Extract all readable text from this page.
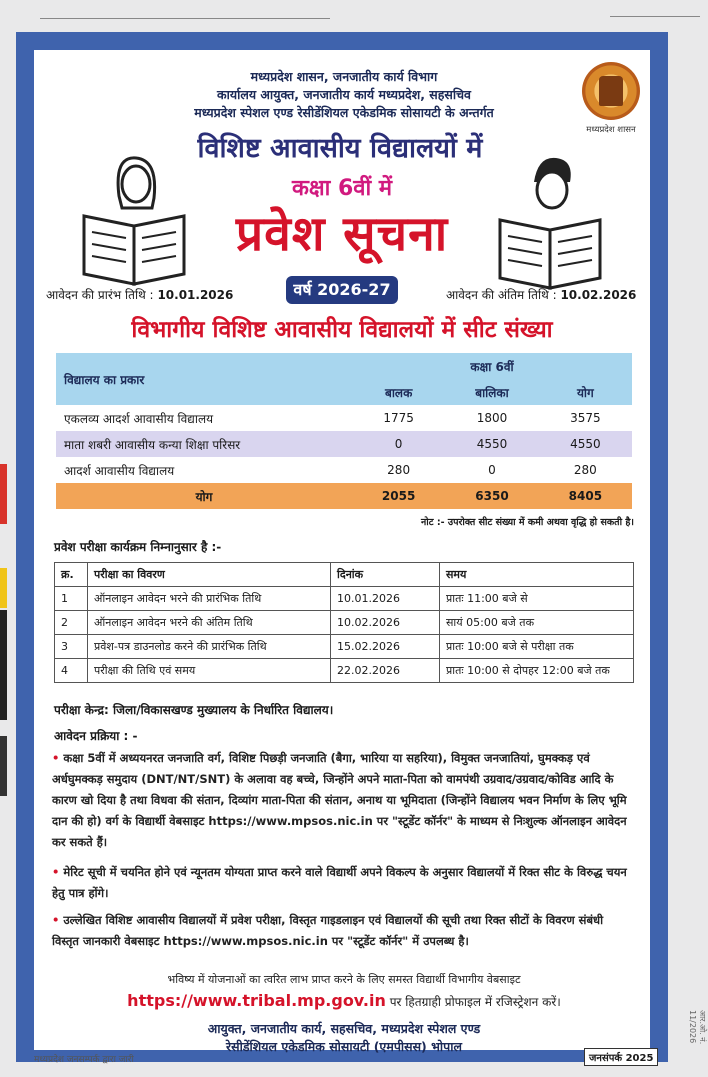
मध्यप्रदेश शासन, जनजातीय कार्य विभाग
कार्यालय आयुक्त, जनजातीय कार्य मध्यप्रदेश, सहसचिव
मध्यप्रदेश स्पेशल एण्ड रेसीडेंशियल एकेडमिक सोसायटी के अन्तर्गत
मध्यप्रदेश शासन
विशिष्ट आवासीय विद्यालयों में
कक्षा 6वीं में
प्रवेश सूचना
आवेदन की प्रारंभ तिथि : 10.01.2026	वर्ष 2026-27	आवेदन की अंतिम तिथि : 10.02.2026
विभागीय विशिष्ट आवासीय विद्यालयों में सीट संख्या
विद्यालय का प्रकार	कक्षा 6वीं		
	बालक	बालिका	योग
एकलव्य आदर्श आवासीय विद्यालय	1775	1800	3575
माता शबरी आवासीय कन्या शिक्षा परिसर	0	4550	4550
आदर्श आवासीय विद्यालय	280	0	280
योग	2055	6350	8405
नोट :- उपरोक्त सीट संख्या में कमी अथवा वृद्धि हो सकती है।
प्रवेश परीक्षा कार्यक्रम निम्नानुसार है :-
क्र.	परीक्षा का विवरण	दिनांक	समय
1	ऑनलाइन आवेदन भरने की प्रारंभिक तिथि	10.01.2026	प्रातः 11:00 बजे से
2	ऑनलाइन आवेदन भरने की अंतिम तिथि	10.02.2026	सायं 05:00 बजे तक
3	प्रवेश-पत्र डाउनलोड करने की प्रारंभिक तिथि	15.02.2026	प्रातः 10:00 बजे से परीक्षा तक
4	परीक्षा की तिथि एवं समय	22.02.2026	प्रातः 10:00 से दोपहर 12:00 बजे तक
परीक्षा केन्द्र: जिला/विकासखण्ड मुख्यालय के निर्धारित विद्यालय।
आवेदन प्रक्रिया : -
• कक्षा 5वीं में अध्ययनरत जनजाति वर्ग, विशिष्ट पिछड़ी जनजाति (बैगा, भारिया या सहरिया), विमुक्त जनजातियां, घुमक्कड़ एवं अर्धघुमक्कड़ समुदाय (DNT/NT/SNT) के अलावा वह बच्चे, जिन्होंने अपने माता-पिता को वामपंथी उग्रवाद/उग्रवाद/कोविड आदि के कारण खो दिया है तथा विधवा की संतान, दिव्यांग माता-पिता की संतान, अनाथ या भूमिदाता (जिन्होंने विद्यालय भवन निर्माण के लिए भूमि दान की हो) वर्ग के विद्यार्थी वेबसाइट https://www.mpsos.nic.in पर "स्टूडेंट कॉर्नर" के माध्यम से निःशुल्क ऑनलाइन आवेदन कर सकते हैं।
• मेरिट सूची में चयनित होने एवं न्यूनतम योग्यता प्राप्त करने वाले विद्यार्थी अपने विकल्प के अनुसार विद्यालयों में रिक्त सीट के विरुद्ध चयन हेतु पात्र होंगे।
• उल्लेखित विशिष्ट आवासीय विद्यालयों में प्रवेश परीक्षा, विस्तृत गाइडलाइन एवं विद्यालयों की सूची तथा रिक्त सीटों के विवरण संबंधी विस्तृत जानकारी वेबसाइट https://www.mpsos.nic.in पर "स्टूडेंट कॉर्नर" में उपलब्ध है।
भविष्य में योजनाओं का त्वरित लाभ प्राप्त करने के लिए समस्त विद्यार्थी विभागीय वेबसाइट
https://www.tribal.mp.gov.in पर हितग्राही प्रोफाइल में रजिस्ट्रेशन करें।
आयुक्त, जनजातीय कार्य, सहसचिव, मध्यप्रदेश स्पेशल एण्ड
रेसीडेंशियल एकेडमिक सोसायटी (एमपीसस) भोपाल
आर.ओ. नं. 11/2026
मध्यप्रदेश जनसम्पर्क द्वारा जारी	जनसंपर्क 2025
